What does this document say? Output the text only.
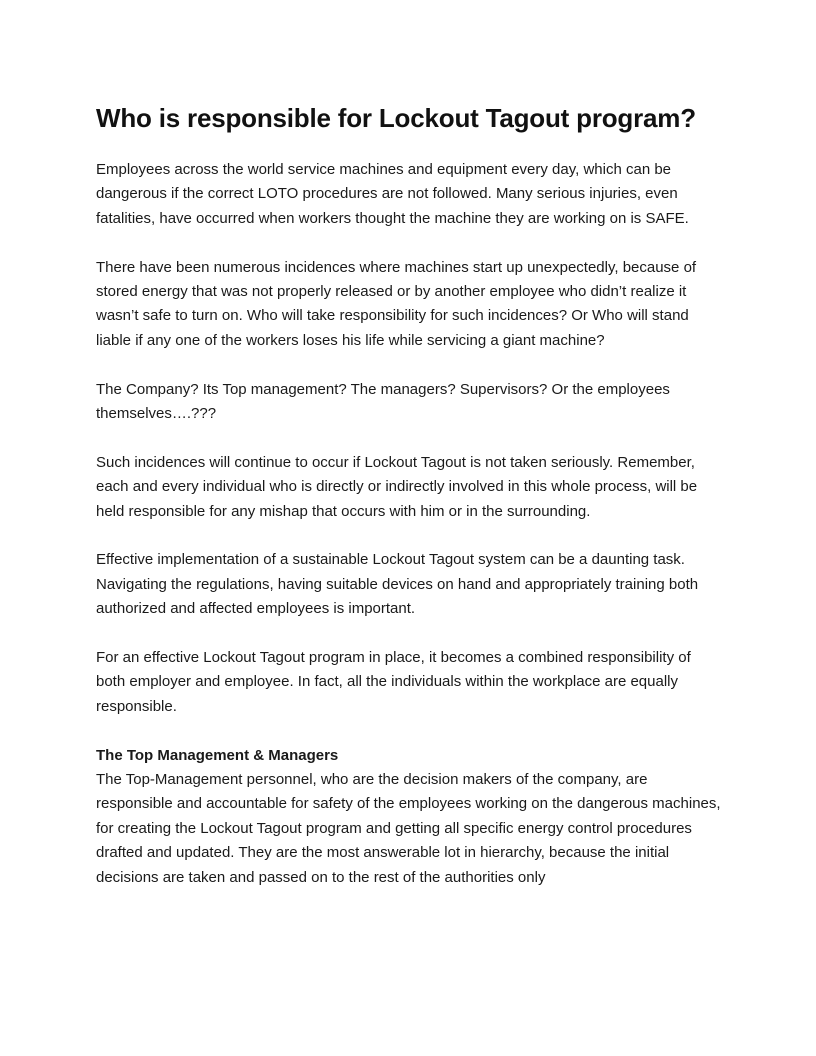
Who is responsible for Lockout Tagout program?

Employees across the world service machines and equipment every day, which can be dangerous if the correct LOTO procedures are not followed. Many serious injuries, even fatalities, have occurred when workers thought the machine they are working on is SAFE.

There have been numerous incidences where machines start up unexpectedly, because of stored energy that was not properly released or by another employee who didn’t realize it wasn’t safe to turn on. Who will take responsibility for such incidences? Or Who will stand liable if any one of the workers loses his life while servicing a giant machine?

The Company? Its Top management? The managers? Supervisors? Or the employees themselves….???

Such incidences will continue to occur if Lockout Tagout is not taken seriously. Remember, each and every individual who is directly or indirectly involved in this whole process, will be held responsible for any mishap that occurs with him or in the surrounding.

Effective implementation of a sustainable Lockout Tagout system can be a daunting task. Navigating the regulations, having suitable devices on hand and appropriately training both authorized and affected employees is important.

For an effective Lockout Tagout program in place, it becomes a combined responsibility of both employer and employee. In fact, all the individuals within the workplace are equally responsible.

The Top Management & Managers
The Top-Management personnel, who are the decision makers of the company, are responsible and accountable for safety of the employees working on the dangerous machines, for creating the Lockout Tagout program and getting all specific energy control procedures drafted and updated. They are the most answerable lot in hierarchy, because the initial decisions are taken and passed on to the rest of the authorities only
